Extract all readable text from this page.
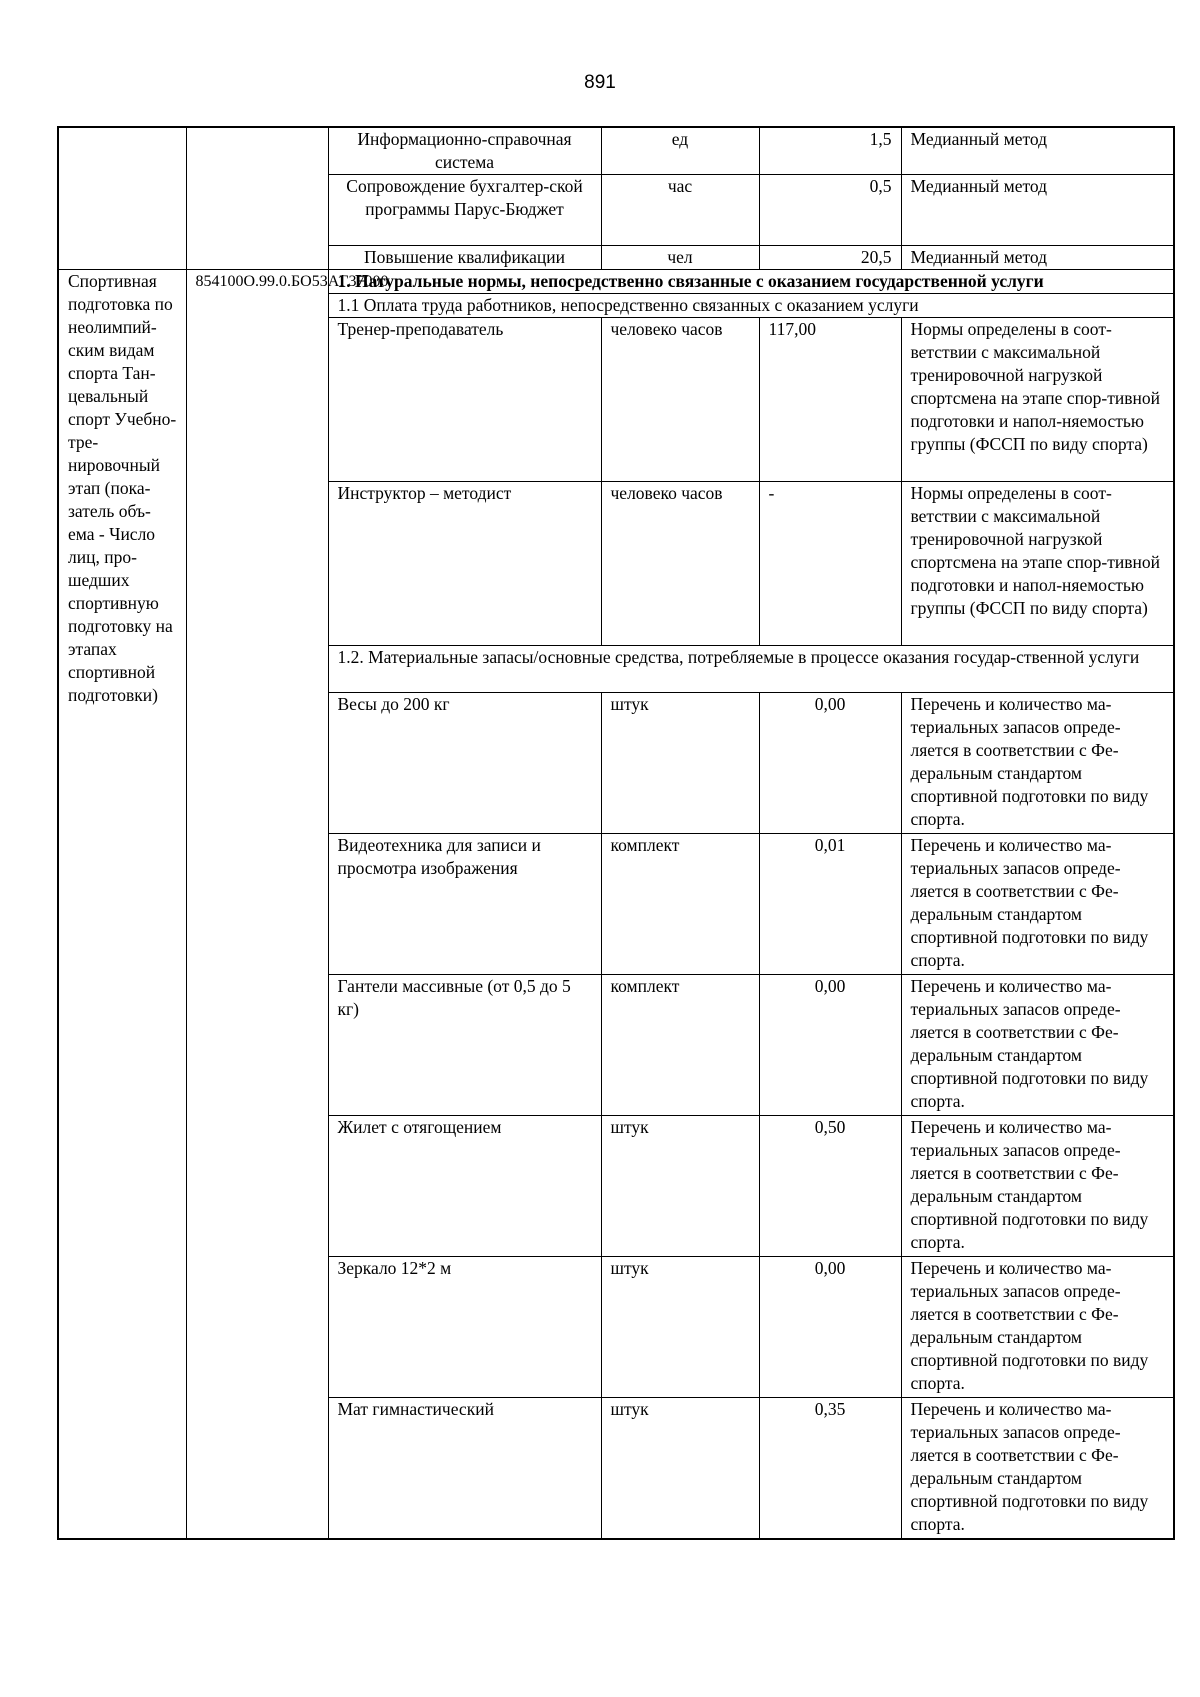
891
		Информационно-справочная система	ед	1,5	Медианный метод
		Сопровождение бухгалтер-ской программы Парус-Бюджет	час	0,5	Медианный метод
		Повышение квалификации	чел	20,5	Медианный метод
Спортивная подготовка по неолимпий-ским видам спорта Тан-цевальный спорт Учебно-тре-нировочный этап (пока-затель объ-ема - Число лиц, про-шедших спортивную подготовку на этапах спортивной подготовки)	854100О.99.0.БО53АГ37000	1. Натуральные нормы, непосредственно связанные с оказанием государственной услуги			
		1.1 Оплата труда работников, непосредственно связанных с оказанием услуги			
		Тренер-преподаватель	человеко часов	117,00	Нормы определены в соот-ветствии с максимальной тренировочной нагрузкой спортсмена на этапе спор-тивной подготовки и напол-няемостью группы (ФССП по виду спорта)
		Инструктор – методист	человеко часов	-	Нормы определены в соот-ветствии с максимальной тренировочной нагрузкой спортсмена на этапе спор-тивной подготовки и напол-няемостью группы (ФССП по виду спорта)
		1.2. Материальные запасы/основные средства, потребляемые в процессе оказания государ-ственной услуги			
		Весы до 200 кг	штук	0,00	Перечень и количество ма-териальных запасов опреде-ляется в соответствии с Фе-деральным стандартом спортивной подготовки по виду спорта.
		Видеотехника для записи и просмотра изображения	комплект	0,01	Перечень и количество ма-териальных запасов опреде-ляется в соответствии с Фе-деральным стандартом спортивной подготовки по виду спорта.
		Гантели массивные (от 0,5 до 5 кг)	комплект	0,00	Перечень и количество ма-териальных запасов опреде-ляется в соответствии с Фе-деральным стандартом спортивной подготовки по виду спорта.
		Жилет с отягощением	штук	0,50	Перечень и количество ма-териальных запасов опреде-ляется в соответствии с Фе-деральным стандартом спортивной подготовки по виду спорта.
		Зеркало 12*2 м	штук	0,00	Перечень и количество ма-териальных запасов опреде-ляется в соответствии с Фе-деральным стандартом спортивной подготовки по виду спорта.
		Мат гимнастический	штук	0,35	Перечень и количество ма-териальных запасов опреде-ляется в соответствии с Фе-деральным стандартом спортивной подготовки по виду спорта.
